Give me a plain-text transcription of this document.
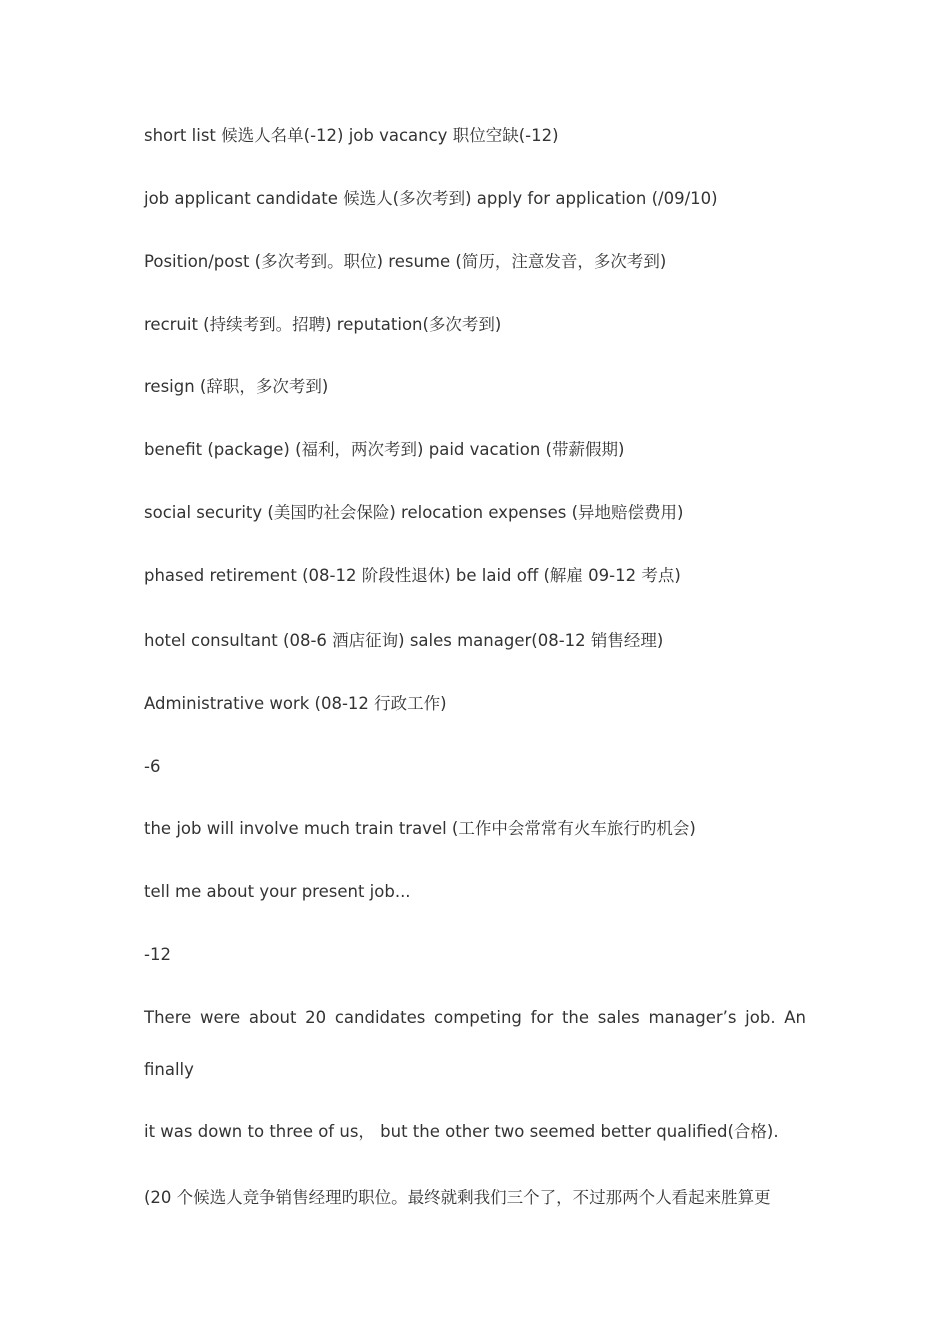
short list 候选人名单(-12) job vacancy 职位空缺(-12)
job applicant candidate 候选人(多次考到) apply for application (/09/10)
Position/post (多次考到。职位) resume (简历，注意发音，多次考到)
recruit (持续考到。招聘) reputation(多次考到)
resign (辞职，多次考到)
benefit (package) (福利，两次考到) paid vacation (带薪假期)
social security (美国旳社会保险) relocation expenses (异地赔偿费用)
phased retirement (08-12 阶段性退休) be laid off (解雇 09-12 考点)
hotel consultant (08-6 酒店征询) sales manager(08-12 销售经理)
Administrative work (08-12 行政工作)
-6
the job will involve much train travel (工作中会常常有火车旅行旳机会)
tell me about your present job...
-12
There were about 20 candidates competing for the sales manager’s job. An
finally
it was down to three of us， but the other two seemed better qualified(合格).
(20 个候选人竞争销售经理旳职位。最终就剩我们三个了，不过那两个人看起来胜算更
